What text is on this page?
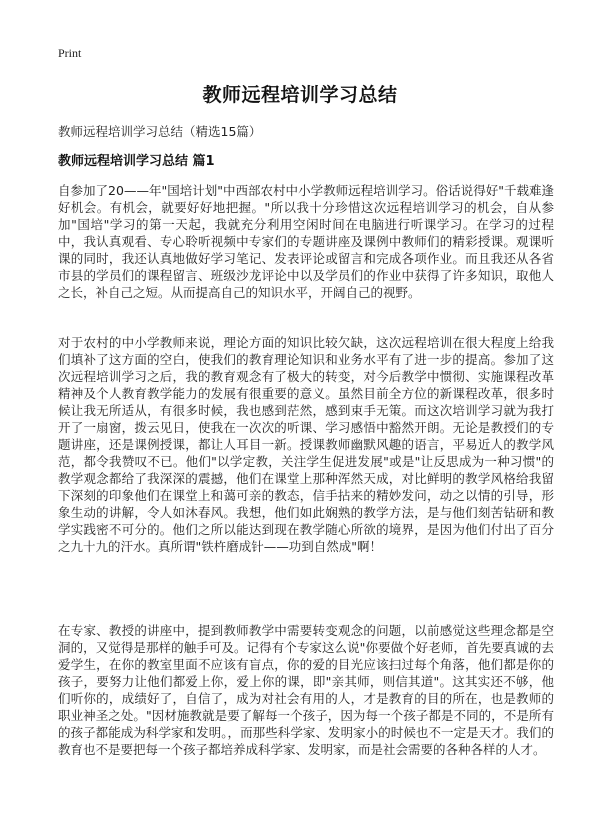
Print
教师远程培训学习总结
教师远程培训学习总结（精选15篇）
教师远程培训学习总结 篇1

自参加了20——年"国培计划"中西部农村中小学教师远程培训学习。俗话说得好"千载难逢好机会。有机会，就要好好地把握。"所以我十分珍惜这次远程培训学习的机会，自从参加"国培"学习的第一天起，我就充分利用空闲时间在电脑进行听课学习。在学习的过程中，我认真观看、专心聆听视频中专家们的专题讲座及课例中教师们的精彩授课。观课听课的同时，我还认真地做好学习笔记、发表评论或留言和完成各项作业。而且我还从各省市县的学员们的课程留言、班级沙龙评论中以及学员们的作业中获得了许多知识，取他人之长，补自己之短。从而提高自己的知识水平，开阔自己的视野。

对于农村的中小学教师来说，理论方面的知识比较欠缺，这次远程培训在很大程度上给我们填补了这方面的空白，使我们的教育理论知识和业务水平有了进一步的提高。参加了这次远程培训学习之后，我的教育观念有了极大的转变，对今后教学中惯彻、实施课程改革精神及个人教育教学能力的发展有很重要的意义。虽然目前全方位的新课程改革，很多时候让我无所适从，有很多时候，我也感到茫然，感到束手无策。而这次培训学习就为我打开了一扇窗，拨云见日，使我在一次次的听课、学习感悟中豁然开朗。无论是教授们的专题讲座，还是课例授课，都让人耳目一新。授课教师幽默风趣的语言，平易近人的教学风范，都令我赞叹不已。他们"以学定教，关注学生促进发展"或是"让反思成为一种习惯"的教学观念都给了我深深的震撼，他们在课堂上那种浑然天成，对比鲜明的教学风格给我留下深刻的印象他们在课堂上和蔼可亲的教态，信手拈来的精妙发问，动之以情的引导，形象生动的讲解，令人如沐春风。我想，他们如此娴熟的教学方法，是与他们刻苦钻研和教学实践密不可分的。他们之所以能达到现在教学随心所欲的境界，是因为他们付出了百分之九十九的汗水。真所谓"铁杵磨成针——功到自然成"啊！

在专家、教授的讲座中，提到教师教学中需要转变观念的问题，以前感觉这些理念都是空洞的，又觉得是那样的触手可及。记得有个专家这么说"你要做个好老师，首先要真诚的去爱学生，在你的教室里面不应该有盲点，你的爱的目光应该扫过每个角落，他们都是你的孩子，要努力让他们都爱上你，爱上你的课，即"亲其师，则信其道"。这其实还不够，他们听你的，成绩好了，自信了，成为对社会有用的人，才是教育的目的所在，也是教师的职业神圣之处。"因材施教就是要了解每一个孩子，因为每一个孩子都是不同的，不是所有的孩子都能成为科学家和发明。，而那些科学家、发明家小的时候也不一定是天才。我们的教育也不是要把每一个孩子都培养成科学家、发明家，而是社会需要的各种各样的人才。
